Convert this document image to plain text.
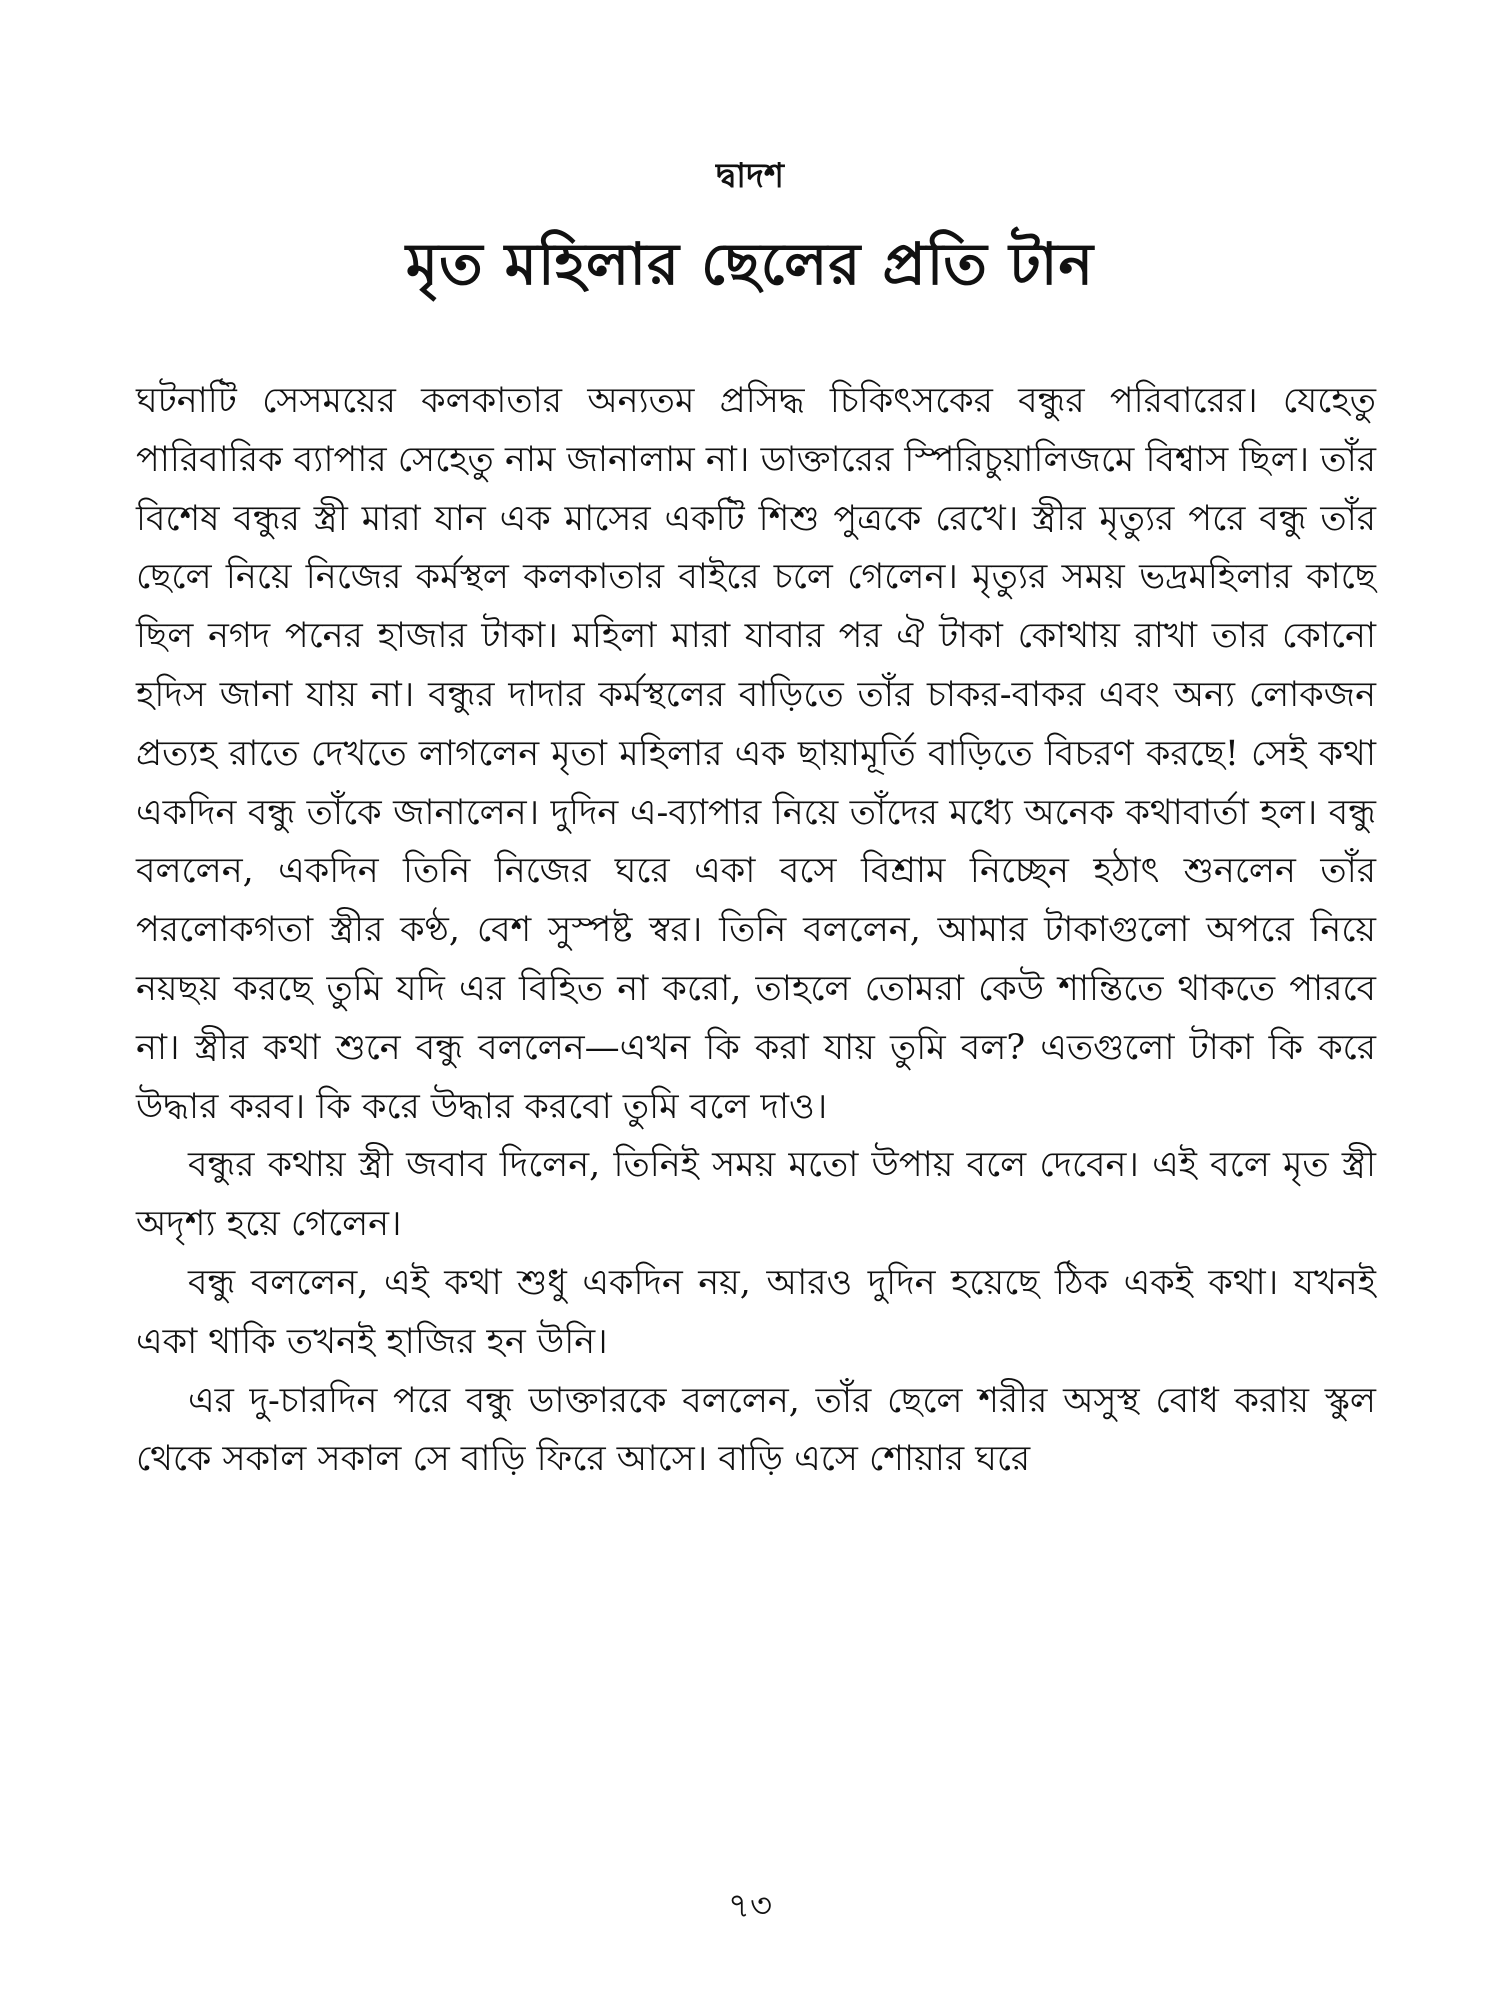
দ্বাদশ
মৃত মহিলার ছেলের প্রতি টান

ঘটনাটি সেসময়ের কলকাতার অন্যতম প্রসিদ্ধ চিকিৎসকের বন্ধুর পরিবারের। যেহেতু পারিবারিক ব্যাপার সেহেতু নাম জানালাম না। ডাক্তারের স্পিরিচুয়ালিজমে বিশ্বাস ছিল। তাঁর বিশেষ বন্ধুর স্ত্রী মারা যান এক মাসের একটি শিশু পুত্রকে রেখে। স্ত্রীর মৃত্যুর পরে বন্ধু তাঁর ছেলে নিয়ে নিজের কর্মস্থল কলকাতার বাইরে চলে গেলেন। মৃত্যুর সময় ভদ্রমহিলার কাছে ছিল নগদ পনের হাজার টাকা। মহিলা মারা যাবার পর ঐ টাকা কোথায় রাখা তার কোনো হদিস জানা যায় না। বন্ধুর দাদার কর্মস্থলের বাড়িতে তাঁর চাকর-বাকর এবং অন্য লোকজন প্রত্যহ রাতে দেখতে লাগলেন মৃতা মহিলার এক ছায়ামূর্তি বাড়িতে বিচরণ করছে! সেই কথা একদিন বন্ধু তাঁকে জানালেন। দুদিন এ-ব্যাপার নিয়ে তাঁদের মধ্যে অনেক কথাবার্তা হল। বন্ধু বললেন, একদিন তিনি নিজের ঘরে একা বসে বিশ্রাম নিচ্ছেন হঠাৎ শুনলেন তাঁর পরলোকগতা স্ত্রীর কণ্ঠ, বেশ সুস্পষ্ট স্বর। তিনি বললেন, আমার টাকাগুলো অপরে নিয়ে নয়ছয় করছে তুমি যদি এর বিহিত না করো, তাহলে তোমরা কেউ শান্তিতে থাকতে পারবে না। স্ত্রীর কথা শুনে বন্ধু বললেন—এখন কি করা যায় তুমি বল? এতগুলো টাকা কি করে উদ্ধার করব। কি করে উদ্ধার করবো তুমি বলে দাও।

বন্ধুর কথায় স্ত্রী জবাব দিলেন, তিনিই সময় মতো উপায় বলে দেবেন। এই বলে মৃত স্ত্রী অদৃশ্য হয়ে গেলেন।

বন্ধু বললেন, এই কথা শুধু একদিন নয়, আরও দুদিন হয়েছে ঠিক একই কথা। যখনই একা থাকি তখনই হাজির হন উনি।

এর দু-চারদিন পরে বন্ধু ডাক্তারকে বললেন, তাঁর ছেলে শরীর অসুস্থ বোধ করায় স্কুল থেকে সকাল সকাল সে বাড়ি ফিরে আসে। বাড়ি এসে শোয়ার ঘরে

৭৩
